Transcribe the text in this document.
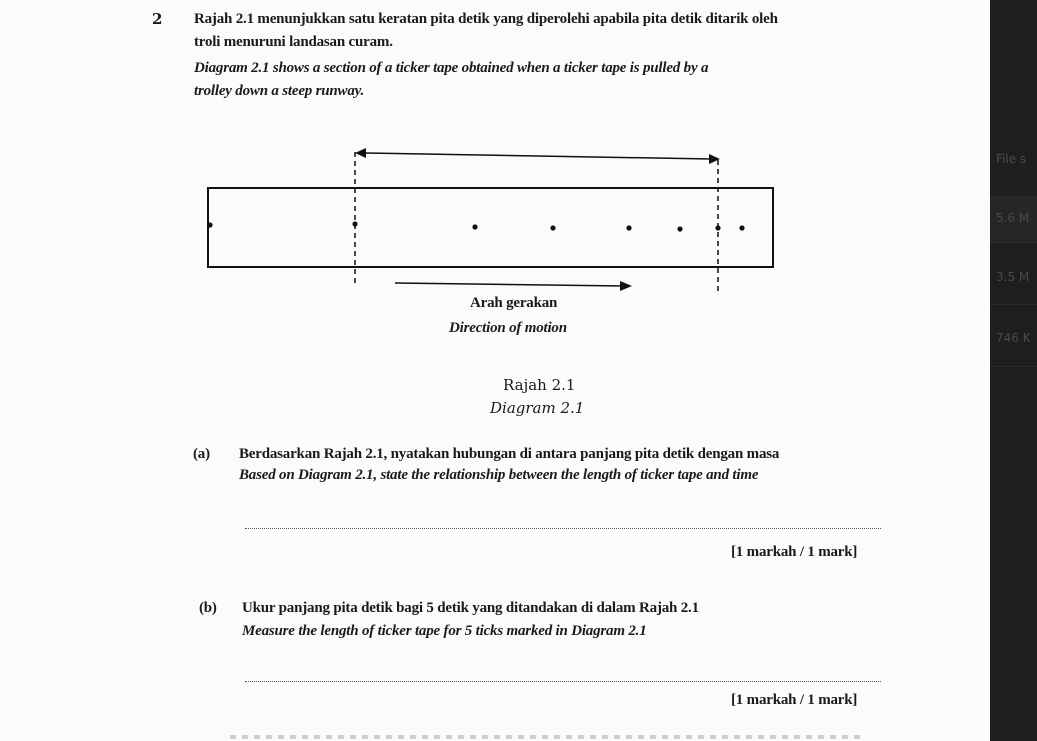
2 Rajah 2.1 menunjukkan satu keratan pita detik yang diperolehi apabila pita detik ditarik oleh
troli menuruni landasan curam.
Diagram 2.1 shows a section of a ticker tape obtained when a ticker tape is pulled by a
trolley down a steep runway.
Arah gerakan
Direction of motion
Rajah 2.1
Diagram 2.1
(a) Berdasarkan Rajah 2.1, nyatakan hubungan di antara panjang pita detik dengan masa
Based on Diagram 2.1, state the relationship between the length of ticker tape and time
[1 markah / 1 mark]
(b) Ukur panjang pita detik bagi 5 detik yang ditandakan di dalam Rajah 2.1
Measure the length of ticker tape for 5 ticks marked in Diagram 2.1
[1 markah / 1 mark]
File s
5.6 M
3.5 M
746 K
